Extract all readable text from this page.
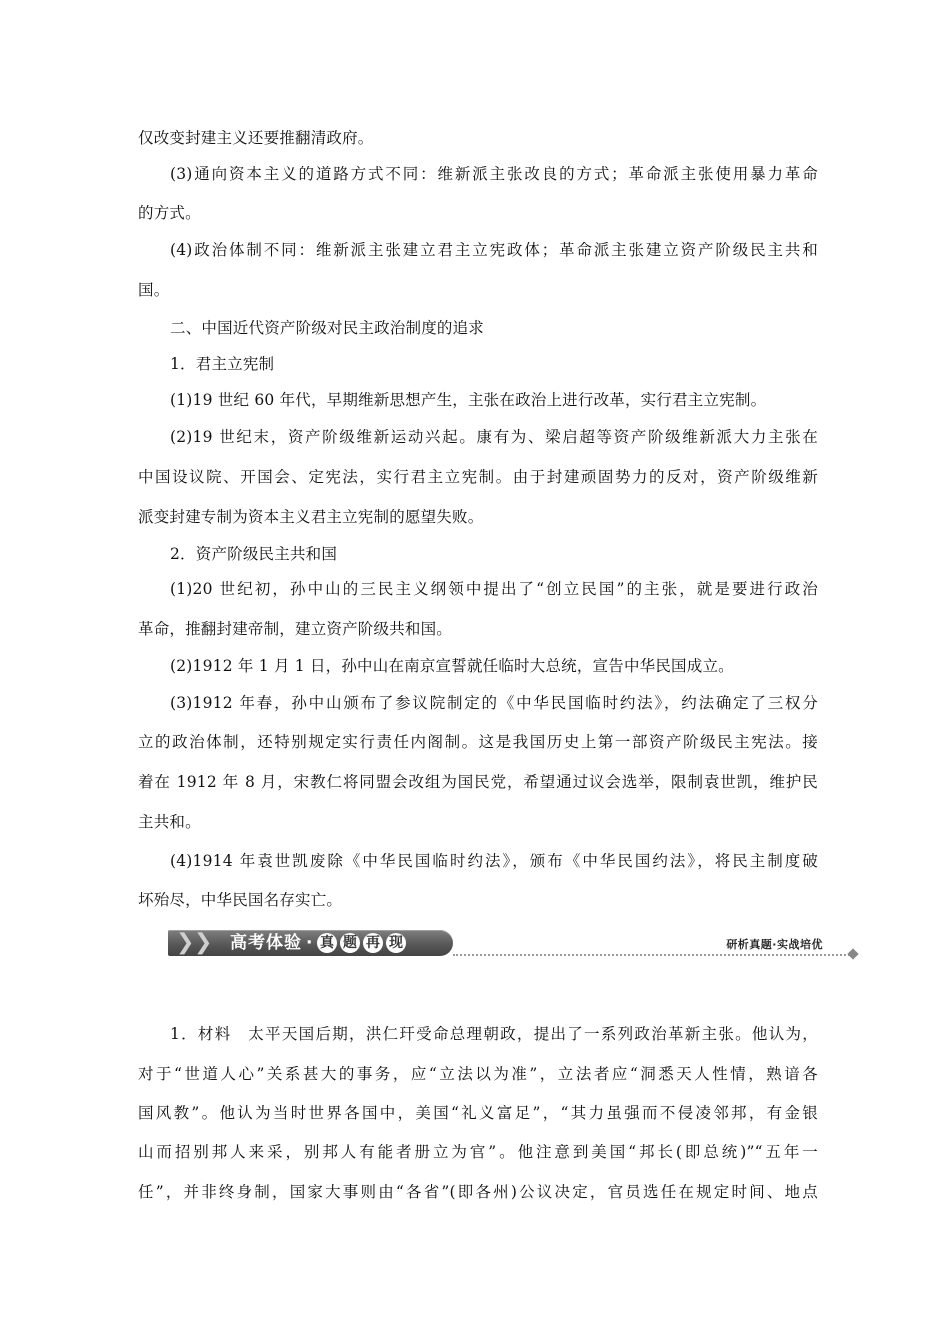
仅改变封建主义还要推翻清政府。
(3)通向资本主义的道路方式不同：维新派主张改良的方式；革命派主张使用暴力革命
的方式。
(4)政治体制不同：维新派主张建立君主立宪政体；革命派主张建立资产阶级民主共和
国。
二、中国近代资产阶级对民主政治制度的追求
1．君主立宪制
(1)19 世纪 60 年代，早期维新思想产生，主张在政治上进行改革，实行君主立宪制。
(2)19 世纪末，资产阶级维新运动兴起。康有为、梁启超等资产阶级维新派大力主张在
中国设议院、开国会、定宪法，实行君主立宪制。由于封建顽固势力的反对，资产阶级维新
派变封建专制为资本主义君主立宪制的愿望失败。
2．资产阶级民主共和国
(1)20 世纪初，孙中山的三民主义纲领中提出了“创立民国”的主张，就是要进行政治
革命，推翻封建帝制，建立资产阶级共和国。
(2)1912 年 1 月 1 日，孙中山在南京宣誓就任临时大总统，宣告中华民国成立。
(3)1912 年春，孙中山颁布了参议院制定的《中华民国临时约法》，约法确定了三权分
立的政治体制，还特别规定实行责任内阁制。这是我国历史上第一部资产阶级民主宪法。接
着在 1912 年 8 月，宋教仁将同盟会改组为国民党，希望通过议会选举，限制袁世凯，维护民
主共和。
(4)1914 年袁世凯废除《中华民国临时约法》，颁布《中华民国约法》，将民主制度破
坏殆尽，中华民国名存实亡。
❯ ❯ 高考体验 · 真 题 再 现	研析真题·实战培优
1．材料　太平天国后期，洪仁玕受命总理朝政，提出了一系列政治革新主张。他认为，
对于“世道人心”关系甚大的事务，应“立法以为准”，立法者应“洞悉天人性情，熟谙各
国风教”。他认为当时世界各国中，美国“礼义富足”，“其力虽强而不侵凌邻邦，有金银
山而招别邦人来采，别邦人有能者册立为官”。他注意到美国“邦长(即总统)”“五年一
任”，并非终身制，国家大事则由“各省”(即各州)公议决定，官员选任在规定时间、地点
